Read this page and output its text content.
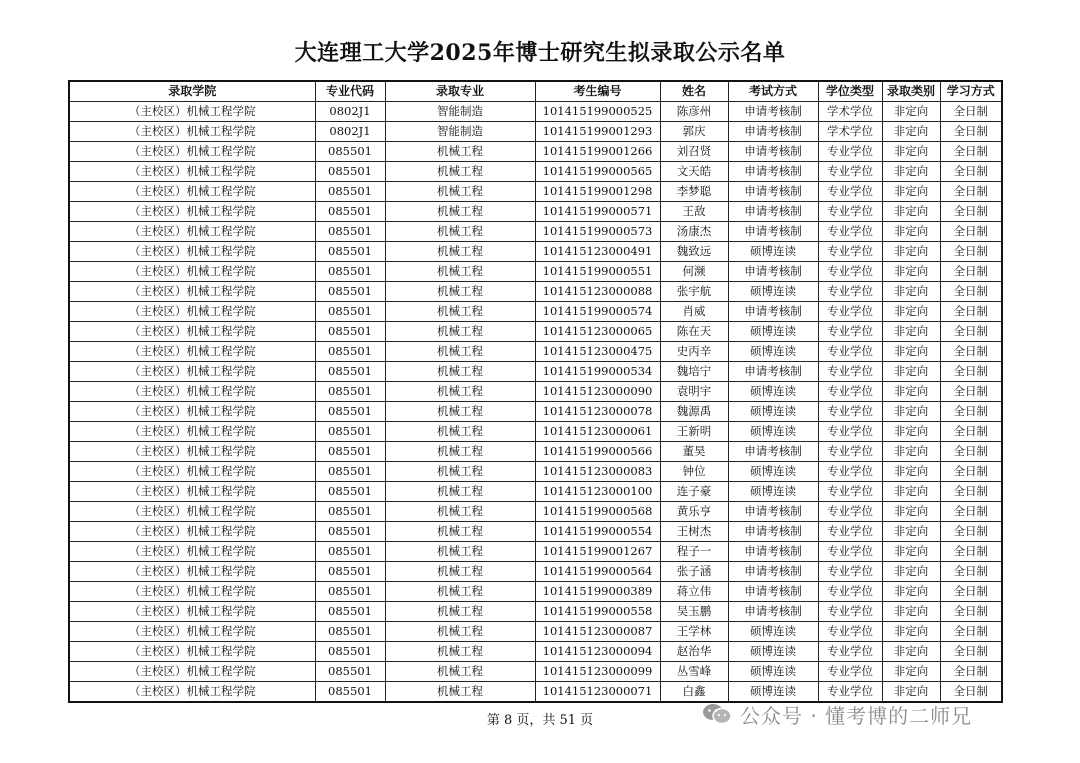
大连理工大学2025年博士研究生拟录取公示名单
录取学院	专业代码	录取专业	考生编号	姓名	考试方式	学位类型	录取类别	学习方式
（主校区）机械工程学院	0802J1	智能制造	101415199000525	陈彦州	申请考核制	学术学位	非定向	全日制
（主校区）机械工程学院	0802J1	智能制造	101415199001293	郭庆	申请考核制	学术学位	非定向	全日制
（主校区）机械工程学院	085501	机械工程	101415199001266	刘召贤	申请考核制	专业学位	非定向	全日制
（主校区）机械工程学院	085501	机械工程	101415199000565	文天皓	申请考核制	专业学位	非定向	全日制
（主校区）机械工程学院	085501	机械工程	101415199001298	李梦聪	申请考核制	专业学位	非定向	全日制
（主校区）机械工程学院	085501	机械工程	101415199000571	王敌	申请考核制	专业学位	非定向	全日制
（主校区）机械工程学院	085501	机械工程	101415199000573	汤康杰	申请考核制	专业学位	非定向	全日制
（主校区）机械工程学院	085501	机械工程	101415123000491	魏致远	硕博连读	专业学位	非定向	全日制
（主校区）机械工程学院	085501	机械工程	101415199000551	何濒	申请考核制	专业学位	非定向	全日制
（主校区）机械工程学院	085501	机械工程	101415123000088	张宇航	硕博连读	专业学位	非定向	全日制
（主校区）机械工程学院	085501	机械工程	101415199000574	肖威	申请考核制	专业学位	非定向	全日制
（主校区）机械工程学院	085501	机械工程	101415123000065	陈在天	硕博连读	专业学位	非定向	全日制
（主校区）机械工程学院	085501	机械工程	101415123000475	史丙辛	硕博连读	专业学位	非定向	全日制
（主校区）机械工程学院	085501	机械工程	101415199000534	魏培宁	申请考核制	专业学位	非定向	全日制
（主校区）机械工程学院	085501	机械工程	101415123000090	袁明宇	硕博连读	专业学位	非定向	全日制
（主校区）机械工程学院	085501	机械工程	101415123000078	魏源禹	硕博连读	专业学位	非定向	全日制
（主校区）机械工程学院	085501	机械工程	101415123000061	王新明	硕博连读	专业学位	非定向	全日制
（主校区）机械工程学院	085501	机械工程	101415199000566	董昊	申请考核制	专业学位	非定向	全日制
（主校区）机械工程学院	085501	机械工程	101415123000083	钟位	硕博连读	专业学位	非定向	全日制
（主校区）机械工程学院	085501	机械工程	101415123000100	连子豪	硕博连读	专业学位	非定向	全日制
（主校区）机械工程学院	085501	机械工程	101415199000568	黄乐亨	申请考核制	专业学位	非定向	全日制
（主校区）机械工程学院	085501	机械工程	101415199000554	王树杰	申请考核制	专业学位	非定向	全日制
（主校区）机械工程学院	085501	机械工程	101415199001267	程子一	申请考核制	专业学位	非定向	全日制
（主校区）机械工程学院	085501	机械工程	101415199000564	张子涵	申请考核制	专业学位	非定向	全日制
（主校区）机械工程学院	085501	机械工程	101415199000389	蒋立伟	申请考核制	专业学位	非定向	全日制
（主校区）机械工程学院	085501	机械工程	101415199000558	吴玉鹏	申请考核制	专业学位	非定向	全日制
（主校区）机械工程学院	085501	机械工程	101415123000087	王学林	硕博连读	专业学位	非定向	全日制
（主校区）机械工程学院	085501	机械工程	101415123000094	赵治华	硕博连读	专业学位	非定向	全日制
（主校区）机械工程学院	085501	机械工程	101415123000099	丛雪峰	硕博连读	专业学位	非定向	全日制
（主校区）机械工程学院	085501	机械工程	101415123000071	白鑫	硕博连读	专业学位	非定向	全日制
第 8 页，共 51 页	公众号 · 懂考博的二师兄
